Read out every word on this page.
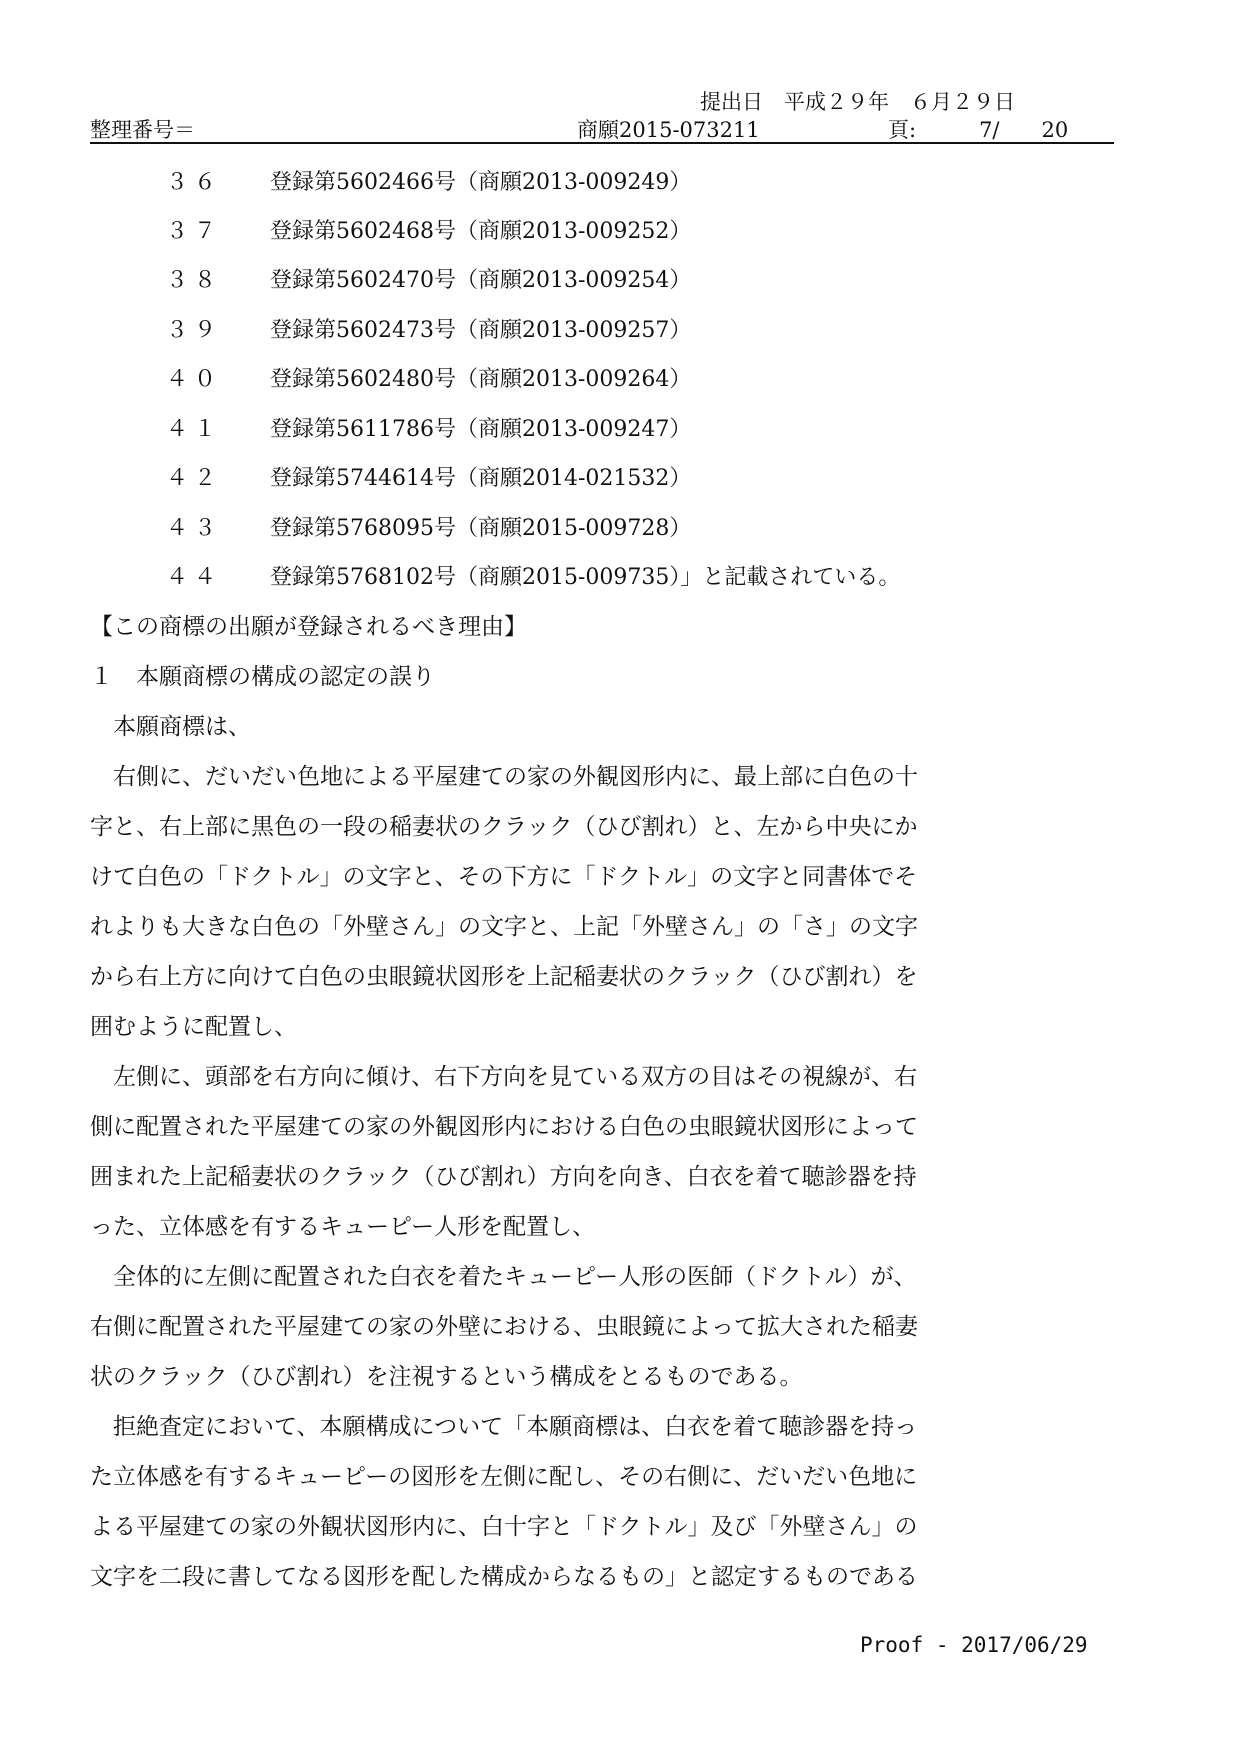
提出日　平成２９年　６月２９日
整理番号＝	商願2015-073211	頁:　　　7/　　20
３６ 登録第5602466号（商願2013-009249）
３７ 登録第5602468号（商願2013-009252）
３８ 登録第5602470号（商願2013-009254）
３９ 登録第5602473号（商願2013-009257）
４０ 登録第5602480号（商願2013-009264）
４１ 登録第5611786号（商願2013-009247）
４２ 登録第5744614号（商願2014-021532）
４３ 登録第5768095号（商願2015-009728）
４４ 登録第5768102号（商願2015-009735）」と記載されている。
【この商標の出願が登録されるべき理由】
１　本願商標の構成の認定の誤り
　本願商標は、
　右側に、だいだい色地による平屋建ての家の外観図形内に、最上部に白色の十
字と、右上部に黒色の一段の稲妻状のクラック（ひび割れ）と、左から中央にか
けて白色の「ドクトル」の文字と、その下方に「ドクトル」の文字と同書体でそ
れよりも大きな白色の「外壁さん」の文字と、上記「外壁さん」の「さ」の文字
から右上方に向けて白色の虫眼鏡状図形を上記稲妻状のクラック（ひび割れ）を
囲むように配置し、
　左側に、頭部を右方向に傾け、右下方向を見ている双方の目はその視線が、右
側に配置された平屋建ての家の外観図形内における白色の虫眼鏡状図形によって
囲まれた上記稲妻状のクラック（ひび割れ）方向を向き、白衣を着て聴診器を持
った、立体感を有するキューピー人形を配置し、
　全体的に左側に配置された白衣を着たキューピー人形の医師（ドクトル）が、
右側に配置された平屋建ての家の外壁における、虫眼鏡によって拡大された稲妻
状のクラック（ひび割れ）を注視するという構成をとるものである。
　拒絶査定において、本願構成について「本願商標は、白衣を着て聴診器を持っ
た立体感を有するキューピーの図形を左側に配し、その右側に、だいだい色地に
よる平屋建ての家の外観状図形内に、白十字と「ドクトル」及び「外壁さん」の
文字を二段に書してなる図形を配した構成からなるもの」と認定するものである
Proof - 2017/06/29
